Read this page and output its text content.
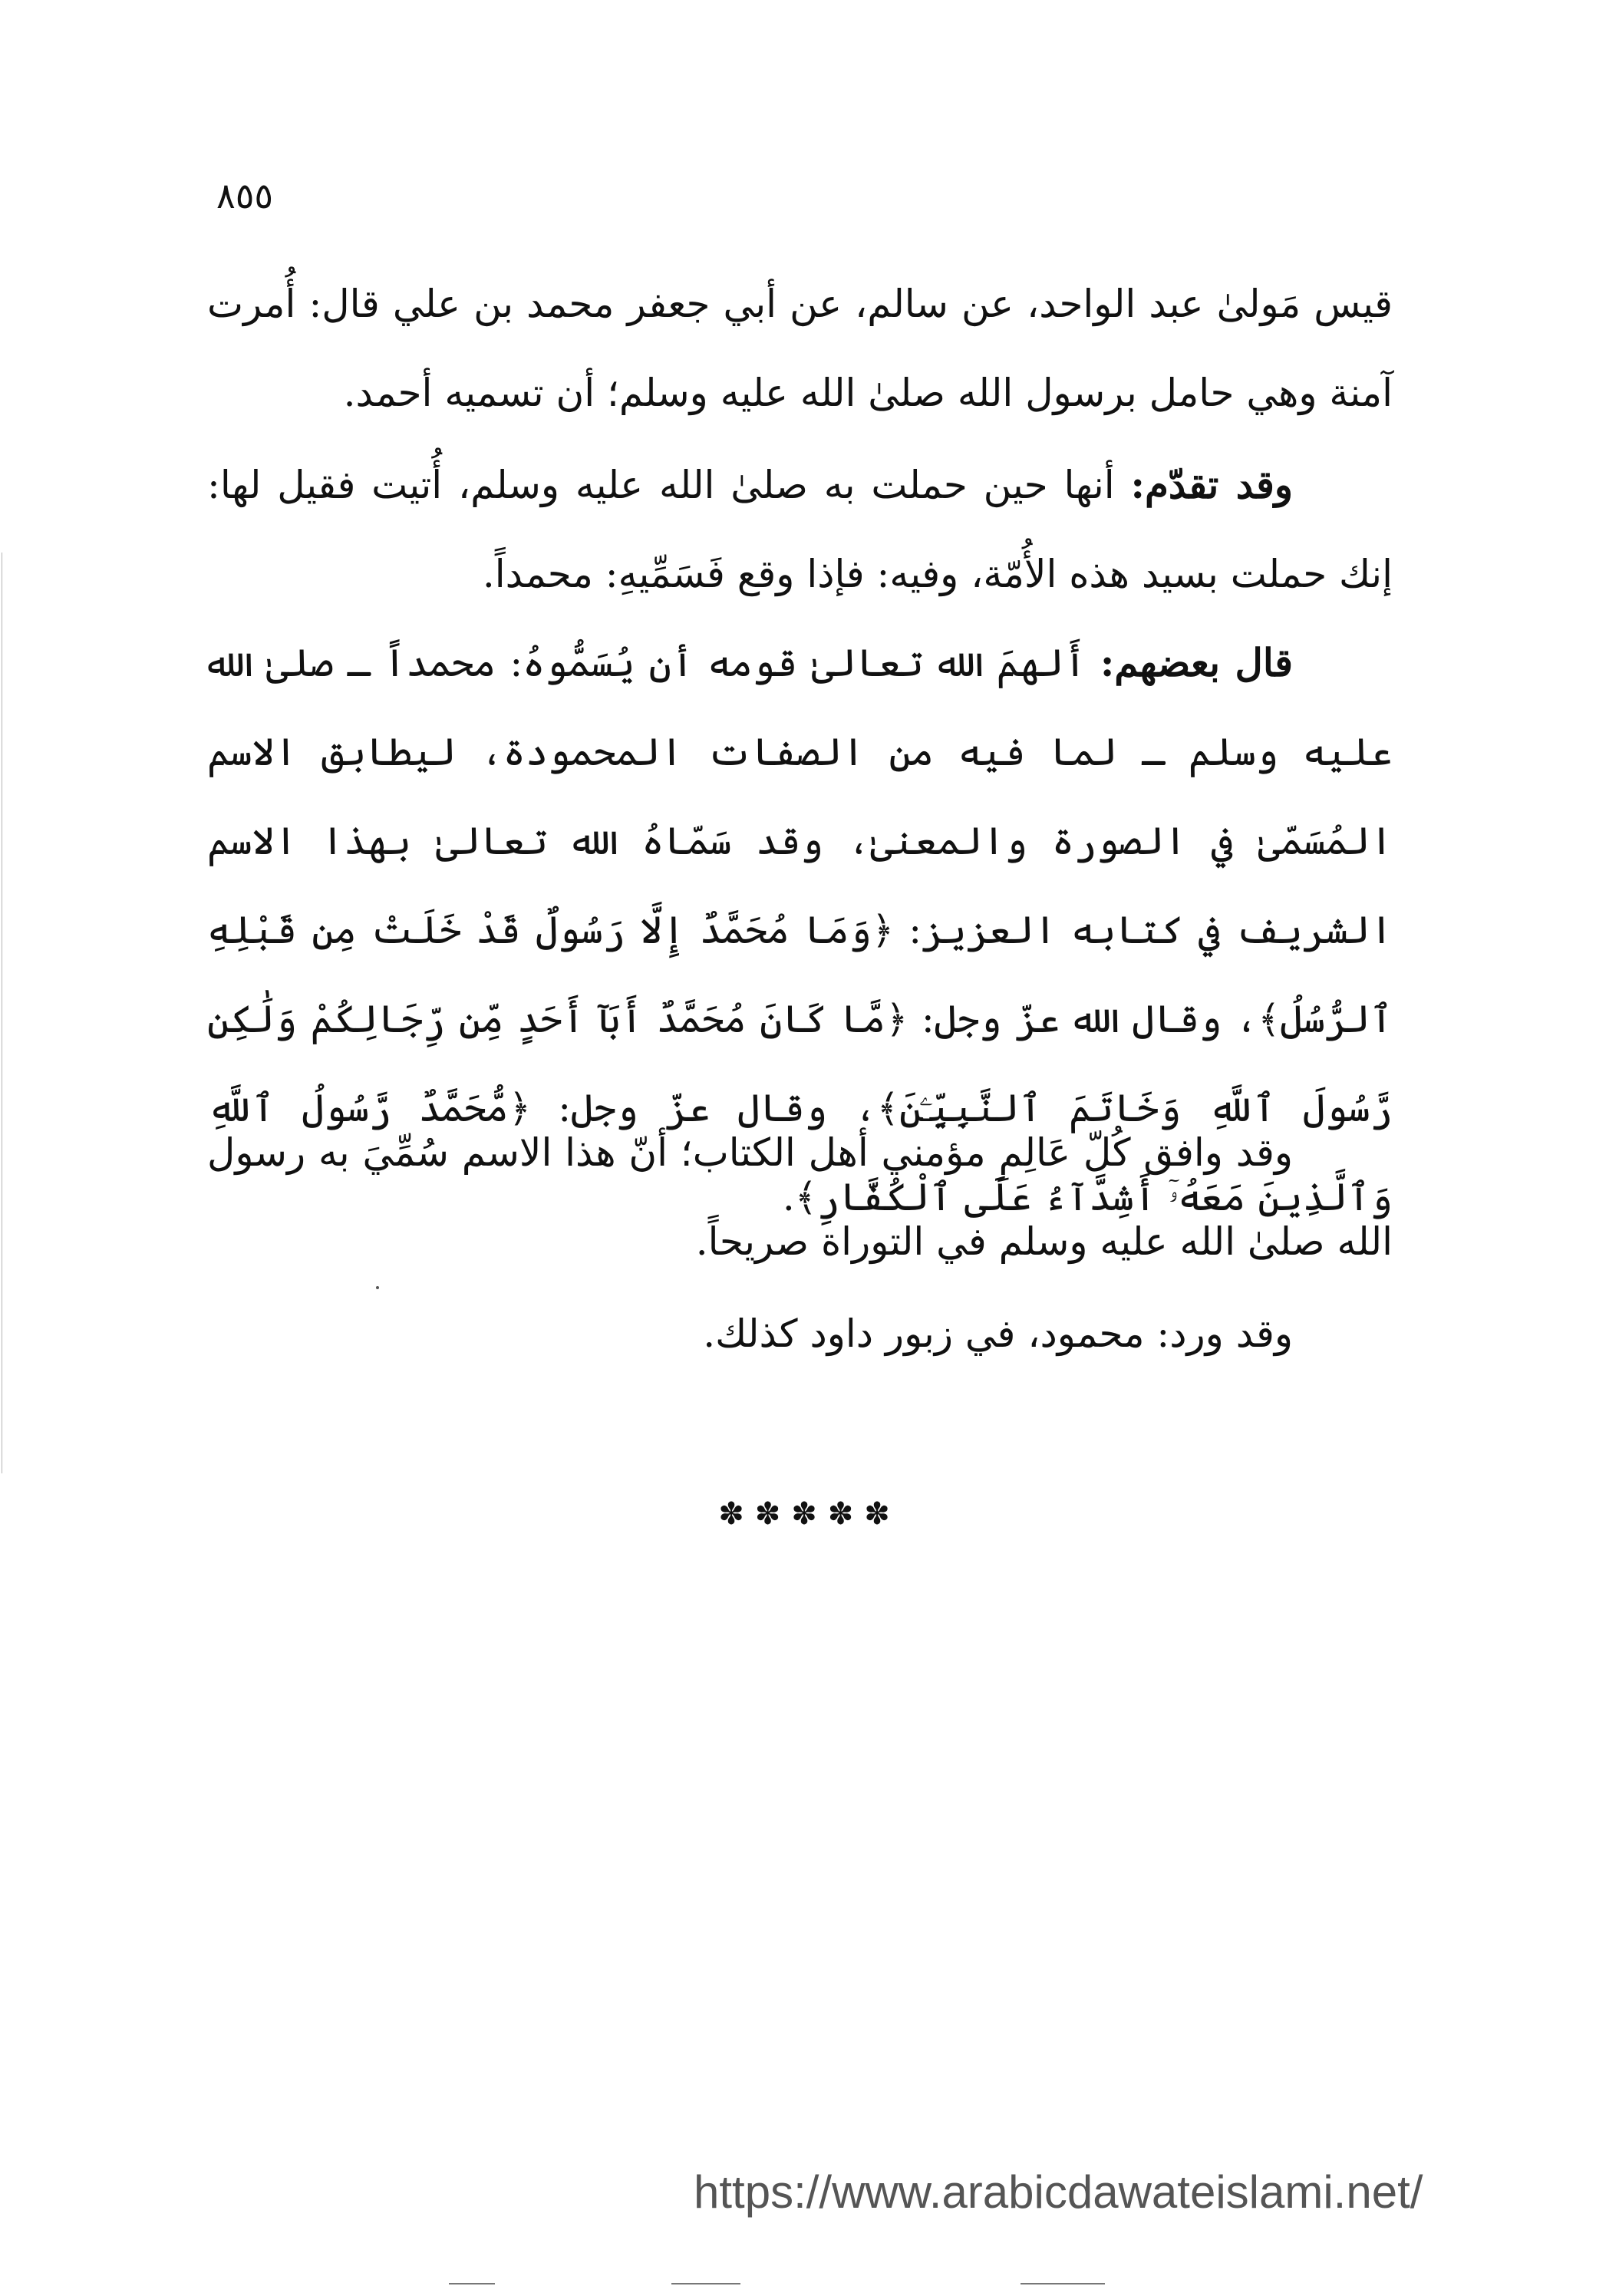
٨٥٥

قيس مَولىٰ عبد الواحد، عن سالم، عن أبي جعفر محمد بن علي قال: أُمرت آمنة وهي حامل برسول الله صلىٰ الله عليه وسلم؛ أن تسميه أحمد.

وقد تقدّم: أنها حين حملت به صلىٰ الله عليه وسلم، أُتيت فقيل لها: إنك حملت بسيد هذه الأُمّة، وفيه: فإذا وقع فَسَمِّيهِ: محمداً.

قال بعضهم: أَلهمَ الله تعالىٰ قومه أن يُسَمُّوهُ: محمداً ـ صلىٰ الله عليه وسلم ـ لما فيه من الصفات المحمودة، ليطابق الاسم المُسَمّىٰ في الصورة والمعنىٰ، وقد سَمّاهُ الله تعالىٰ بهذا الاسم الشريف في كتابه العزيز: ﴿وَمَا مُحَمَّدٌ إِلَّا رَسُولٌ قَدْ خَلَتْ مِن قَبْلِهِ ٱلرُّسُلُ﴾، وقال الله عزّ وجل: ﴿مَّا كَانَ مُحَمَّدٌ أَبَآ أَحَدٍ مِّن رِّجَالِكُمْ وَلَٰكِن رَّسُولَ ٱللَّهِ وَخَاتَمَ ٱلنَّبِيِّـۧنَ﴾، وقال عزّ وجل: ﴿مُّحَمَّدٌ رَّسُولُ ٱللَّهِ وَٱلَّذِينَ مَعَهُۥٓ أَشِدَّآءُ عَلَى ٱلْكُفَّارِ﴾.

وقد وافق كُلّ عَالِمِ مؤمني أهل الكتاب؛ أنّ هذا الاسم سُمِّيَ به رسول الله صلىٰ الله عليه وسلم في التوراة صريحاً.

وقد ورد: محمود، في زبور داود كذلك.

✽✽✽✽✽
https://www.arabicdawateislami.net/
